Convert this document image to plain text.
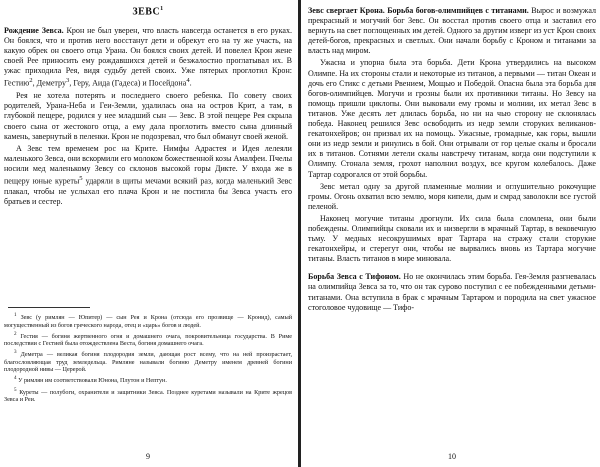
ЗЕВС$^1$

Рождение Зевса. Крон не был уверен, что власть навсегда останется в его руках. Он боялся, что и против него восстанут дети и обрекут его на ту же участь, на какую обрек он своего отца Урана. Он боялся своих детей. И повелел Крон жене своей Рее приносить ему рождавшихся детей и безжалостно проглатывал их. В ужас приходила Рея, видя судьбу детей своих. Уже пятерых проглотил Крон: Гестию$^2$, Деметру$^3$, Геру, Аида (Гадеса) и Посейдона$^4$.

Рея не хотела потерять и последнего своего ребенка. По совету своих родителей, Урана-Неба и Геи-Земли, удалилась она на остров Крит, а там, в глубокой пещере, родился у нее младший сын — Зевс. В этой пещере Рея скрыла своего сына от жестокого отца, а ему дала проглотить вместо сына длинный камень, завернутый в пеленки. Крон не подозревал, что был обманут своей женой.

А Зевс тем временем рос на Крите. Нимфы Адрастея и Идея лелеяли маленького Зевса, они вскормили его молоком божественной козы Амалфеи. Пчелы носили мед маленькому Зевсу со склонов высокой горы Дикте. У входа же в пещеру юные куреты$^5$ ударяли в щиты мечами всякий раз, когда маленький Зевс плакал, чтобы не услыхал его плача Крон и не постигла бы Зевса участь его братьев и сестер.

$^1$ Зевс (у римлян — Юпитер) — сын Рея и Крона (отсюда его прозвище — Кронид), самый могущественный из богов греческого народа, отец и «царь» богов и людей.

$^2$ Гестия — богиня жертвенного огня и домашнего очага, покровительница государства. В Риме последствии с Гестией была отождествлена Веста, богиня домашнего очага.

$^3$ Деметра — великая богиня плодородия земли, дающая рост всему, что на ней произрастает, благословляющая труд земледельца. Римляне называли богиню Деметру именем древней богини плодородной нивы — Церерой.

$^4$ У римлян им соответствовали Юнона, Плутон и Нептун.

$^5$ Куреты — полубоги, охранители и защитники Зевса. Позднее куретами называли на Крите жрецов Зевса и Реи.

9

Зевс свергает Крона. Борьба богов-олимпийцев с титанами. Вырос и возмужал прекрасный и могучий бог Зевс. Он восстал против своего отца и заставил его вернуть на свет поглощенных им детей. Одного за другим изверг из уст Крон своих детей-богов, прекрасных и светлых. Они начали борьбу с Кроном и титанами за власть над миром.

Ужасна и упорна была эта борьба. Дети Крона утвердились на высоком Олимпе. На их стороны стали и некоторые из титанов, а первыми — титан Океан и дочь его Стикс с детьми Рвением, Мощью и Победой. Опасна была эта борьба для богов-олимпийцев. Могучи и грозны были их противники титаны. Но Зевсу на помощь пришли циклопы. Они выковали ему громы и молнии, их метал Зевс в титанов. Уже десять лет длилась борьба, но ни на чью сторону не склонялась победа. Наконец решился Зевс освободить из недр земли сторуких великанов-гекатонхейров; он призвал их на помощь. Ужасные, громадные, как горы, вышли они из недр земли и ринулись в бой. Они отрывали от гор целые скалы и бросали их в титанов. Сотнями летели скалы навстречу титанам, когда они подступили к Олимпу. Стонала земля, грохот наполнил воздух, все кругом колебалось. Даже Тартар содрогался от этой борьбы.

Зевс метал одну за другой пламенные молнии и оглушительно рокочущие громы. Огонь охватил всю землю, моря кипели, дым и смрад заволокли все густой пеленой.

Наконец могучие титаны дрогнули. Их сила была сломлена, они были побеждены. Олимпийцы сковали их и низвергли в мрачный Тартар, в вековечную тьму. У медных несокрушимых врат Тартара на стражу стали сторукие гекатонхейры, и стерегут они, чтобы не вырвались вновь из Тартара могучие титаны. Власть титанов в мире миновала.

Борьба Зевса с Тифоном. Но не окончилась этим борьба. Гея-Земля разгневалась на олимпийца Зевса за то, что он так сурово поступил с ее побежденными детьми-титанами. Она вступила в брак с мрачным Тартаром и породила на свет ужасное стоголовое чудовище — Тифо-

10
